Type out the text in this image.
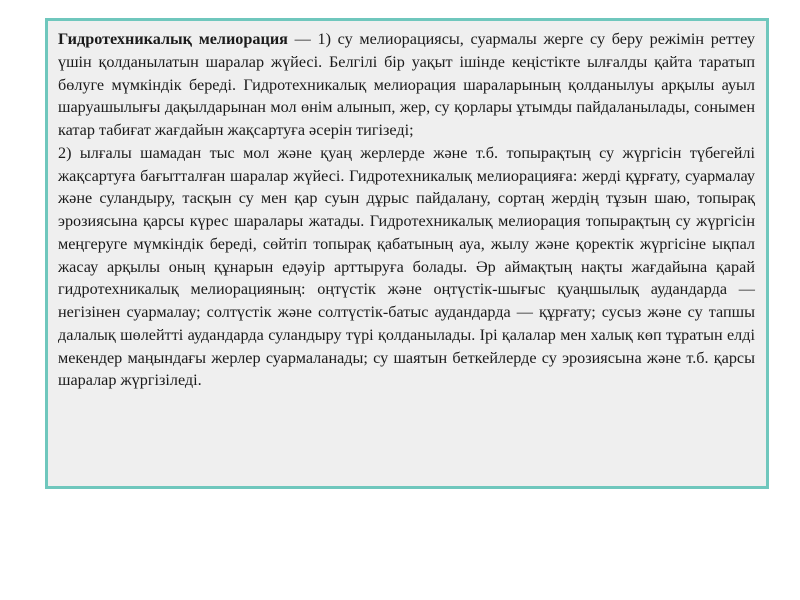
Гидротехникалық мелиорация — 1) су мелиорациясы, суармалы жерге су беру режімін реттеу үшін қолданылатын шаралар жүйесі. Белгілі бір уақыт ішінде кеңістікте ылғалды қайта таратып бөлуге мүмкіндік береді. Гидротехникалық мелиорация шараларының қолданылуы арқылы ауыл шаруашылығы дақылдарынан мол өнім алынып, жер, су қорлары ұтымды пайдаланылады, сонымен катар табиғат жағдайын жақсартуға әсерін тигізеді;

2) ылғалы шамадан тыс мол және қуаң жерлерде және т.б. топырақтың су жүргісін түбегейлі жақсартуға бағытталған шаралар жүйесі. Гидротехникалық мелиорацияға: жерді құрғату, суармалау және суландыру, тасқын су мен қар суын дұрыс пайдалану, сортаң жердің тұзын шаю, топырақ эрозиясына қарсы күрес шаралары жатады. Гидротехникалық мелиорация топырақтың су жүргісін меңгеруге мүмкіндік береді, сөйтіп топырақ қабатының ауа, жылу және қоректік жүргісіне ықпал жасау арқылы оның құнарын едәуір арттыруға болады. Әр аймақтың нақты жағдайына қарай гидротехникалық мелиорацияның: оңтүстік және оңтүстік-шығыс қуаңшылық аудандарда — негізінен суармалау; солтүстік және солтүстік-батыс аудандарда — құрғату; сусыз және су тапшы далалық шөлейтті аудандарда суландыру түрі қолданылады. Ірі қалалар мен халық көп тұратын елді мекендер маңындағы жерлер суармаланады; су шаятын беткейлерде су эрозиясына және т.б. қарсы шаралар жүргізіледі.
